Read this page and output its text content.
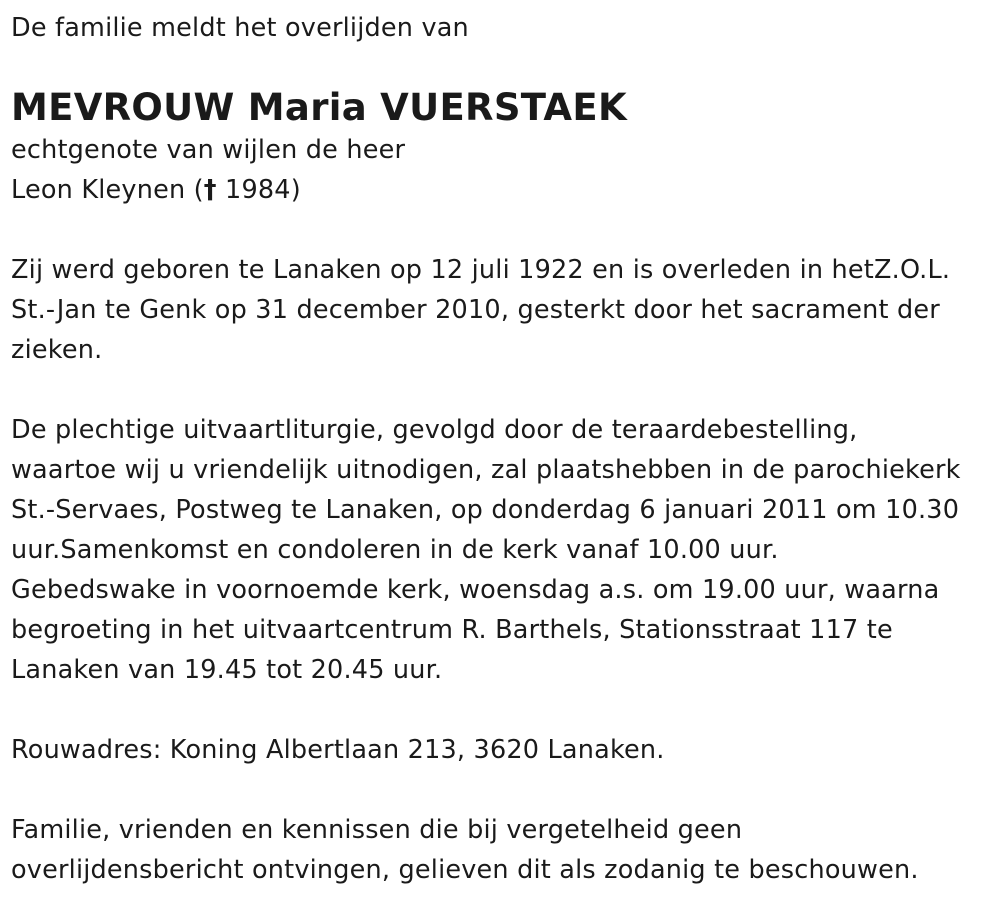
De familie meldt het overlijden van
MEVROUW Maria VUERSTAEK
echtgenote van wijlen de heer
Leon Kleynen († 1984)
Zij werd geboren te Lanaken op 12 juli 1922 en is overleden in hetZ.O.L.
St.-Jan te Genk op 31 december 2010, gesterkt door het sacrament der
zieken.
De plechtige uitvaartliturgie, gevolgd door de teraardebestelling,
waartoe wij u vriendelijk uitnodigen, zal plaatshebben in de parochiekerk
St.-Servaes, Postweg te Lanaken, op donderdag 6 januari 2011 om 10.30
uur.Samenkomst en condoleren in de kerk vanaf 10.00 uur.
Gebedswake in voornoemde kerk, woensdag a.s. om 19.00 uur, waarna
begroeting in het uitvaartcentrum R. Barthels, Stationsstraat 117 te
Lanaken van 19.45 tot 20.45 uur.
Rouwadres: Koning Albertlaan 213, 3620 Lanaken.
Familie, vrienden en kennissen die bij vergetelheid geen
overlijdensbericht ontvingen, gelieven dit als zodanig te beschouwen.
